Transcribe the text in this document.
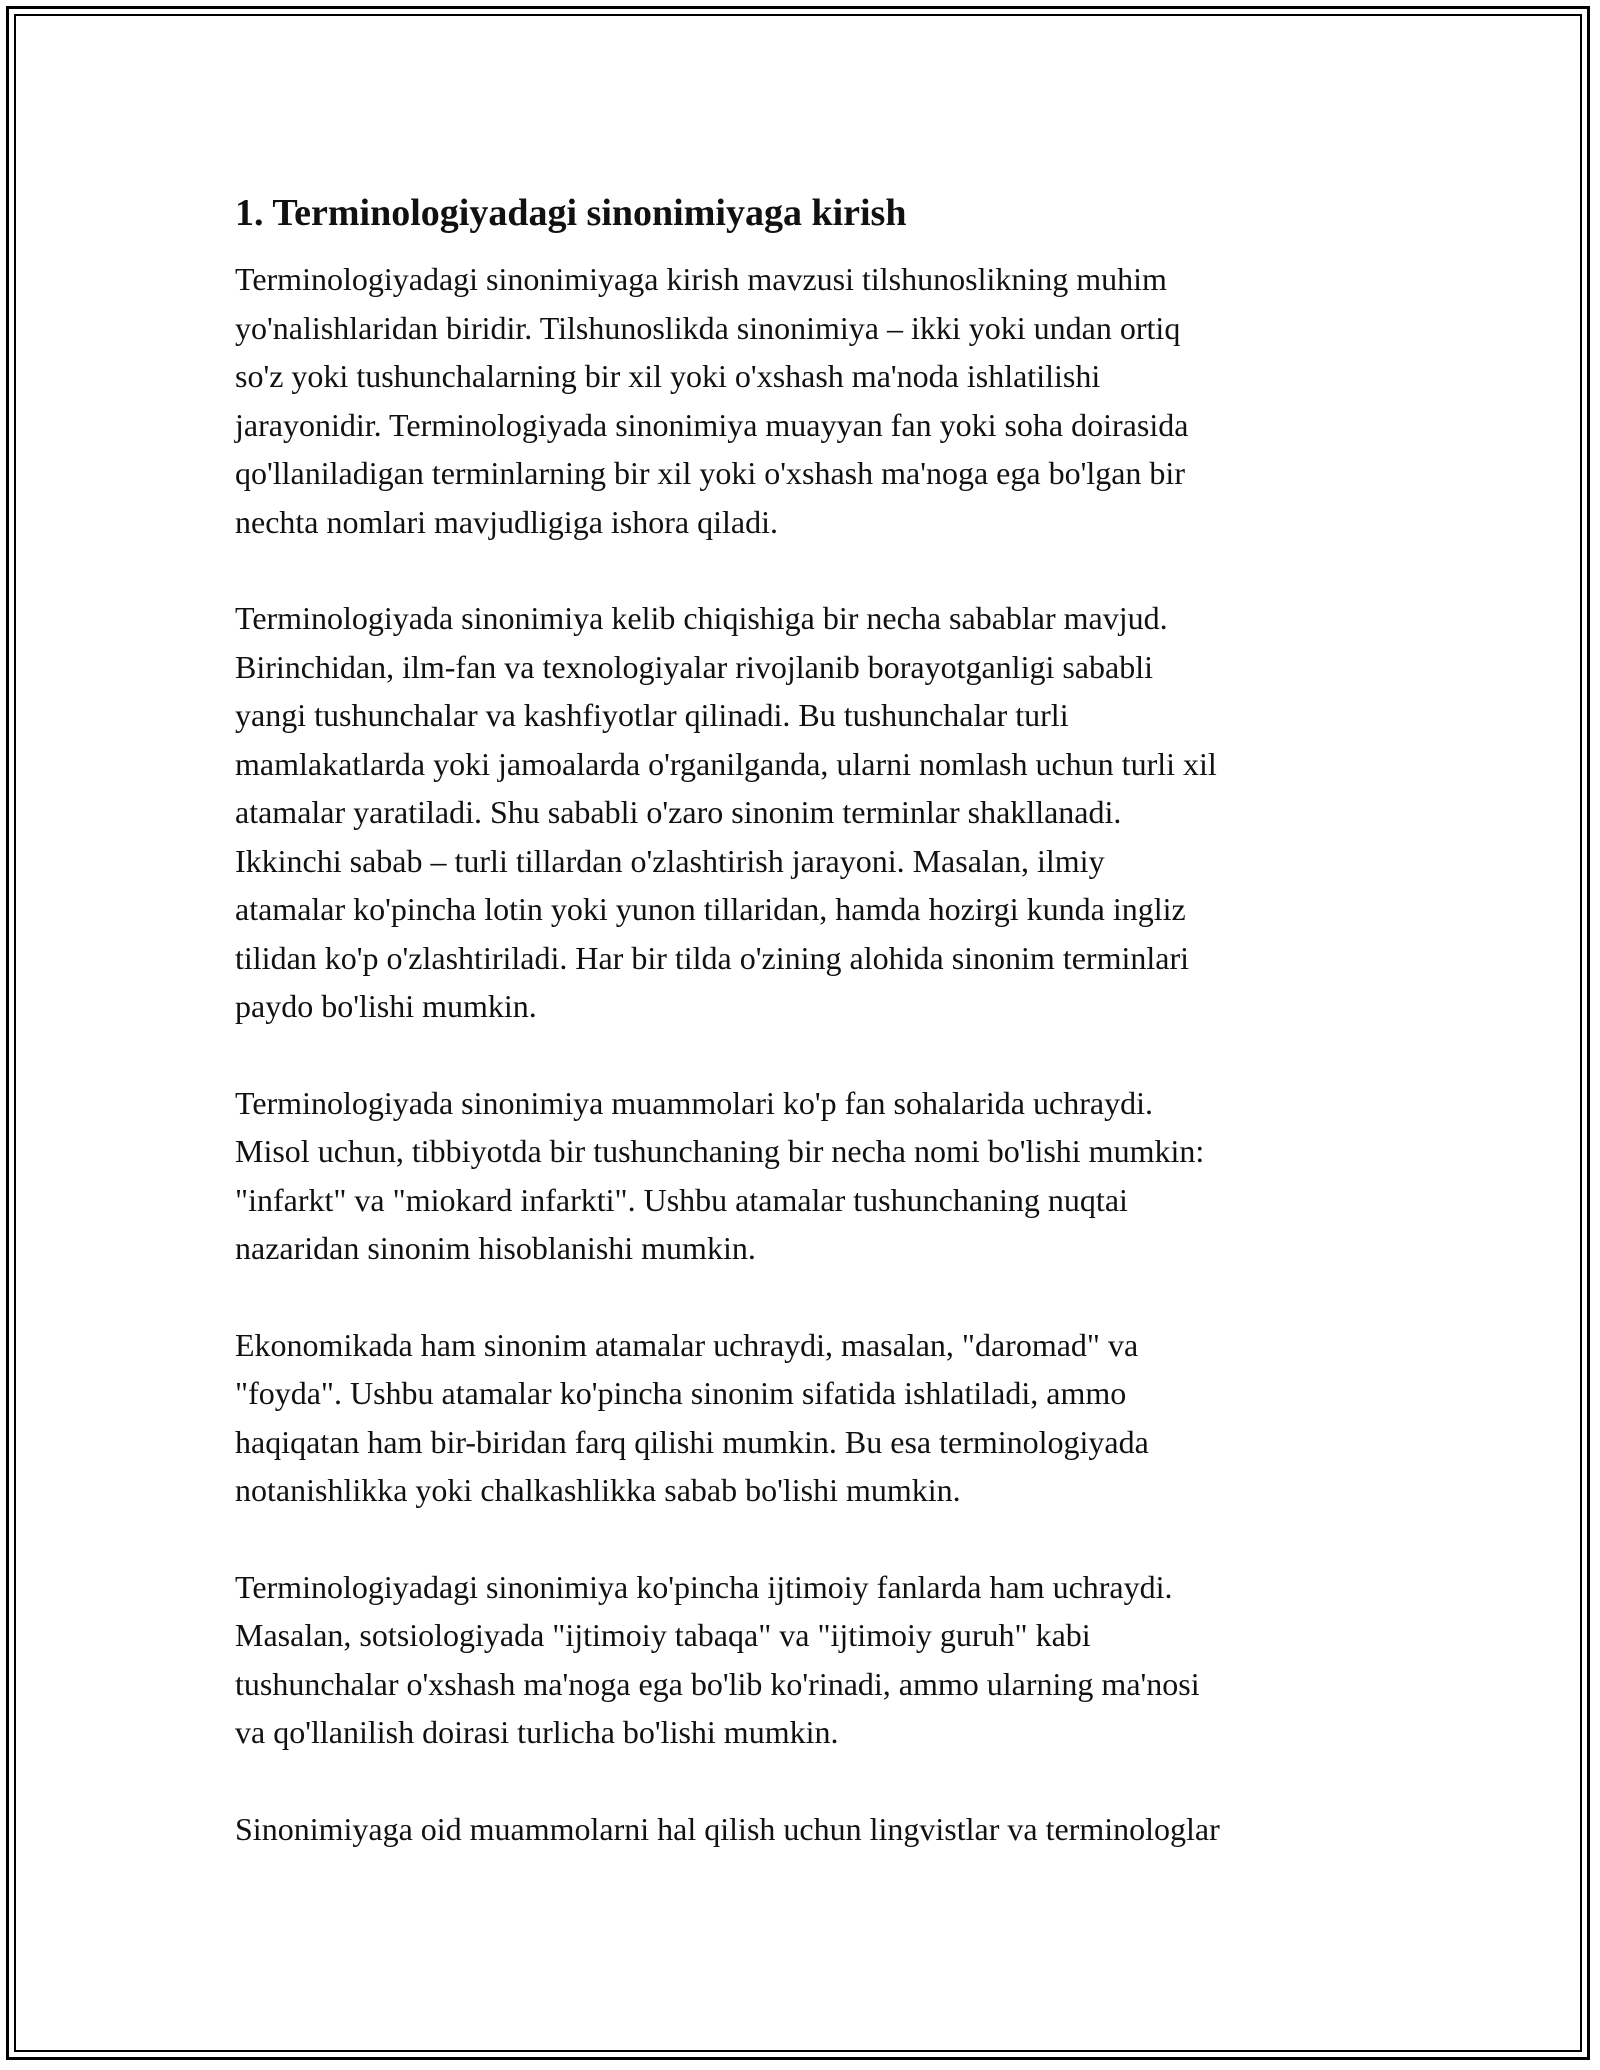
1. Terminologiyadagi sinonimiyaga kirish

Terminologiyadagi sinonimiyaga kirish mavzusi tilshunoslikning muhim
yo'nalishlaridan biridir. Tilshunoslikda sinonimiya – ikki yoki undan ortiq
so'z yoki tushunchalarning bir xil yoki o'xshash ma'noda ishlatilishi
jarayonidir. Terminologiyada sinonimiya muayyan fan yoki soha doirasida
qo'llaniladigan terminlarning bir xil yoki o'xshash ma'noga ega bo'lgan bir
nechta nomlari mavjudligiga ishora qiladi.

Terminologiyada sinonimiya kelib chiqishiga bir necha sabablar mavjud.
Birinchidan, ilm-fan va texnologiyalar rivojlanib borayotganligi sababli
yangi tushunchalar va kashfiyotlar qilinadi. Bu tushunchalar turli
mamlakatlarda yoki jamoalarda o'rganilganda, ularni nomlash uchun turli xil
atamalar yaratiladi. Shu sababli o'zaro sinonim terminlar shakllanadi.
Ikkinchi sabab – turli tillardan o'zlashtirish jarayoni. Masalan, ilmiy
atamalar ko'pincha lotin yoki yunon tillaridan, hamda hozirgi kunda ingliz
tilidan ko'p o'zlashtiriladi. Har bir tilda o'zining alohida sinonim terminlari
paydo bo'lishi mumkin.

Terminologiyada sinonimiya muammolari ko'p fan sohalarida uchraydi.
Misol uchun, tibbiyotda bir tushunchaning bir necha nomi bo'lishi mumkin:
"infarkt" va "miokard infarkti". Ushbu atamalar tushunchaning nuqtai
nazaridan sinonim hisoblanishi mumkin.

Ekonomikada ham sinonim atamalar uchraydi, masalan, "daromad" va
"foyda". Ushbu atamalar ko'pincha sinonim sifatida ishlatiladi, ammo
haqiqatan ham bir-biridan farq qilishi mumkin. Bu esa terminologiyada
notanishlikka yoki chalkashlikka sabab bo'lishi mumkin.

Terminologiyadagi sinonimiya ko'pincha ijtimoiy fanlarda ham uchraydi.
Masalan, sotsiologiyada "ijtimoiy tabaqa" va "ijtimoiy guruh" kabi
tushunchalar o'xshash ma'noga ega bo'lib ko'rinadi, ammo ularning ma'nosi
va qo'llanilish doirasi turlicha bo'lishi mumkin.

Sinonimiyaga oid muammolarni hal qilish uchun lingvistlar va terminologlar
